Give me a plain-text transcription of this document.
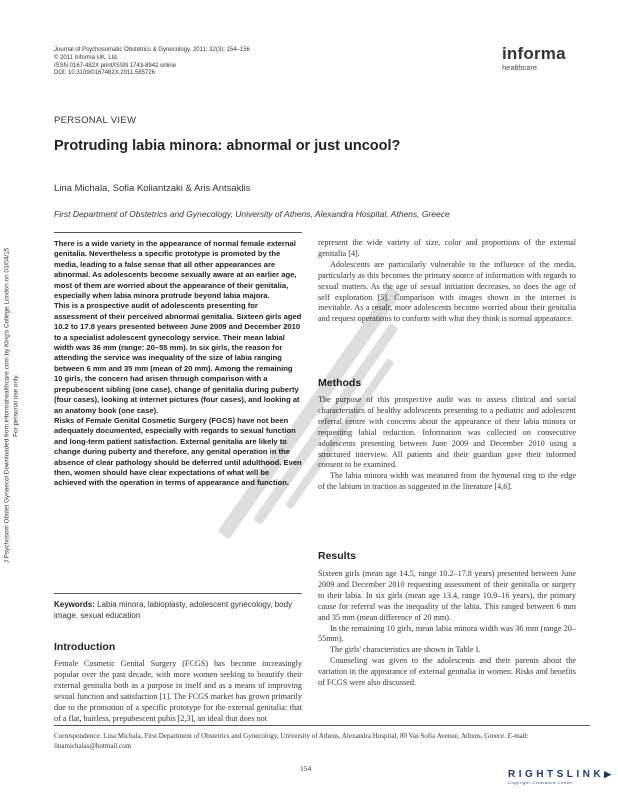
J Psychosom Obstet Gynaecol Downloaded from informahealthcare.com by King's College London on 03/04/15 For personal use only.
Journal of Psychosomatic Obstetrics & Gynecology, 2011; 32(3): 154–156
© 2011 Informa UK, Ltd.
ISSN 0167-482X print/ISSN 1743-8942 online
DOI: 10.3109/0167482X.2011.585726
informa
healthcare
PERSONAL VIEW
Protruding labia minora: abnormal or just uncool?
Lina Michala, Sofia Koliantzaki & Aris Antsaklis
First Department of Obstetrics and Gynecology, University of Athens, Alexandra Hospital, Athens, Greece

There is a wide variety in the appearance of normal female external genitalia. Nevertheless a specific prototype is promoted by the media, leading to a false sense that all other appearances are abnormal. As adolescents become sexually aware at an earlier age, most of them are worried about the appearance of their genitalia, especially when labia minora protrude beyond labia majora.

This is a prospective audit of adolescents presenting for assessment of their perceived abnormal genitalia. Sixteen girls aged 10.2 to 17.8 years presented between June 2009 and December 2010 to a specialist adolescent gynecology service. Their mean labial width was 36 mm (range: 20–55 mm). In six girls, the reason for attending the service was inequality of the size of labia ranging between 6 mm and 35 mm (mean of 20 mm). Among the remaining 10 girls, the concern had arisen through comparison with a prepubescent sibling (one case), change of genitalia during puberty (four cases), looking at internet pictures (four cases), and looking at an anatomy book (one case).

Risks of Female Genital Cosmetic Surgery (FGCS) have not been adequately documented, especially with regards to sexual function and long-term patient satisfaction. External genitalia are likely to change during puberty and therefore, any genital operation in the absence of clear pathology should be deferred until adulthood. Even then, women should have clear expectations of what will be achieved with the operation in terms of appearance and function.

Keywords: Labia minora, labioplasty, adolescent gynecology, body image, sexual education
Introduction

Female Cosmetic Genital Surgery (FCGS) has become increasingly popular over the past decade, with more women seeking to beautify their external genitalia both as a purpose in itself and as a means of improving sexual function and satisfaction [1]. The FCGS market has grown primarily due to the promotion of a specific prototype for the external genitalia: that of a flat, hairless, prepubescent pubis [2,3], an ideal that does not

represent the wide variety of size, color and proportions of the external genitalia [4].

Adolescents are particularly vulnerable to the influence of the media, particularly as this becomes the primary source of information with regards to sexual matters. As the age of sexual initiation decreases, so does the age of self exploration [5]. Comparison with images shown in the internet is inevitable. As a result, more adolescents become worried about their genitalia and request operations to conform with what they think is normal appearance.

Methods

The purpose of this prospective audit was to assess clinical and social characteristics of healthy adolescents presenting to a pediatric and adolescent referral centre with concerns about the appearance of their labia minora or requesting labial reduction. Information was collected on consecutive adolescents presenting between June 2009 and December 2010 using a structured interview. All patients and their guardian gave their informed consent to be examined.

The labia minora width was measured from the hymenal ring to the edge of the labium in traction as suggested in the literature [4,6].

Results

Sixteen girls (mean age 14.5, range 10.2–17.8 years) presented between June 2009 and December 2010 requesting assessment of their genitalia or surgery to their labia. In six girls (mean age 13.4, range 10.9–16 years), the primary cause for referral was the inequality of the labia. This ranged between 6 mm and 35 mm (mean difference of 20 mm).

In the remaining 10 girls, mean labia minora width was 36 mm (range 20–55mm).

The girls' characteristics are shown in Table I.

Counseling was given to the adolescents and their parents about the variation in the appearance of external genitalia in women. Risks and benefits of FCGS were also discussed.

Correspondence: Lina Michala, First Department of Obstetrics and Gynecology, University of Athens, Alexandra Hospital, 80 Vas Sofia Avenue, Athens, Greece. E-mail: linamichalas@hotmail.com
154
RIGHTSLINK▶
Copyright Clearance Center
